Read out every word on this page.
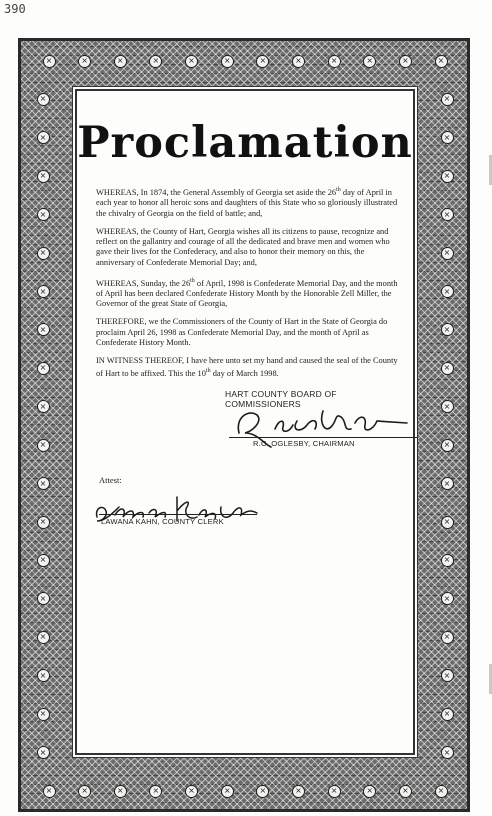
390
×
×
×
×
×
×
×
×
×
×
×
×
×
×
×
×
×
×
×
×
×
×
×
×
×	×
×	×
×	×
×	×
×	×
×	×
×	×
×	×
×	×
×	×
×	×
×	×
×	×
×	×
×	×
×	×
×	×
×	×
Proclamation

WHEREAS, In 1874, the General Assembly of Georgia set aside the 26th day of April in each year to honor all heroic sons and daughters of this State who so gloriously illustrated the chivalry of Georgia on the field of battle; and,

WHEREAS, the County of Hart, Georgia wishes all its citizens to pause, recognize and reflect on the gallantry and courage of all the dedicated and brave men and women who gave their lives for the Confederacy, and also to honor their memory on this, the anniversary of Confederate Memorial Day; and,

WHEREAS, Sunday, the 26th of April, 1998 is Confederate Memorial Day, and the month of April has been declared Confederate History Month by the Honorable Zell Miller, the Governor of the great State of Georgia,

THEREFORE, we the Commissioners of the County of Hart in the State of Georgia do proclaim April 26, 1998 as Confederate Memorial Day, and the month of April as Confederate History Month.

IN WITNESS THEREOF, I have here unto set my hand and caused the seal of the County of Hart to be affixed. This the 10th day of March 1998.

HART COUNTY BOARD OF COMMISSIONERS
R.C. OGLESBY, CHAIRMAN
Attest:
LAWANA KAHN, COUNTY CLERK
